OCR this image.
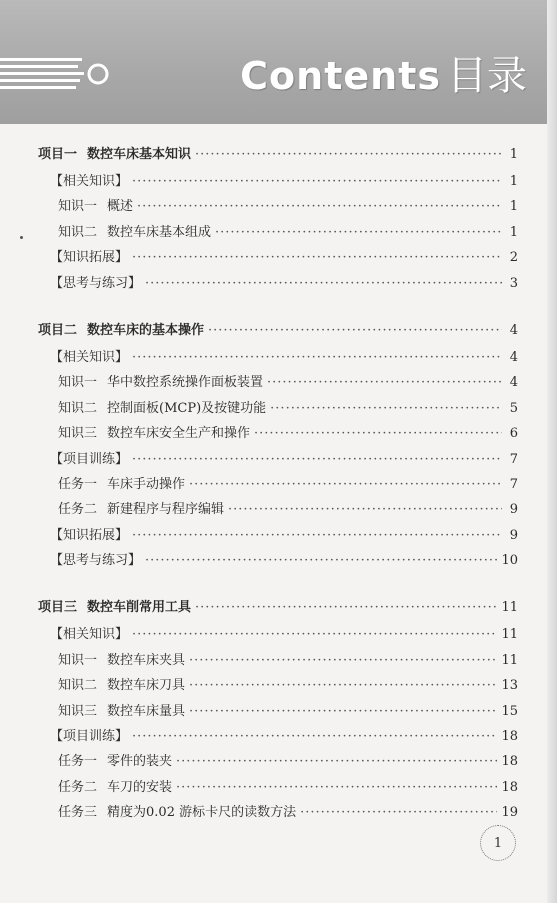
Contents 目录
项目一 数控车床基本知识 ·····	1
【相关知识】 ·····	1
知识一 概述 ·····	1
知识二 数控车床基本组成 ·····	1
【知识拓展】 ·····	2
【思考与练习】 ·····	3
项目二 数控车床的基本操作 ·····	4
【相关知识】 ·····	4
知识一 华中数控系统操作面板装置 ·····	4
知识二 控制面板(MCP)及按键功能 ·····	5
知识三 数控车床安全生产和操作 ·····	6
【项目训练】 ·····	7
任务一 车床手动操作 ·····	7
任务二 新建程序与程序编辑 ·····	9
【知识拓展】 ·····	9
【思考与练习】 ·····	10
项目三 数控车削常用工具 ·····	11
【相关知识】 ·····	11
知识一 数控车床夹具 ·····	11
知识二 数控车床刀具 ·····	13
知识三 数控车床量具 ·····	15
【项目训练】 ·····	18
任务一 零件的装夹 ·····	18
任务二 车刀的安装 ·····	18
任务三 精度为0.02 游标卡尺的读数方法 ·····	19
1
